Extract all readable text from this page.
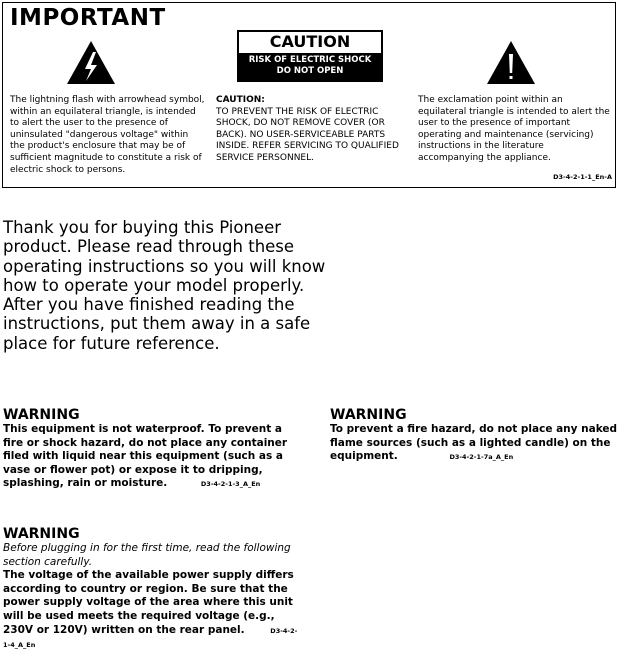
IMPORTANT
CAUTION
RISK OF ELECTRIC SHOCK
DO NOT OPEN
The lightning flash with arrowhead symbol, within an equilateral triangle, is intended to alert the user to the presence of uninsulated "dangerous voltage" within the product's enclosure that may be of sufficient magnitude to constitute a risk of electric shock to persons.
CAUTION:
TO PREVENT THE RISK OF ELECTRIC SHOCK, DO NOT REMOVE COVER (OR BACK). NO USER-SERVICEABLE PARTS INSIDE. REFER SERVICING TO QUALIFIED SERVICE PERSONNEL.
The exclamation point within an equilateral triangle is intended to alert the user to the presence of important operating and maintenance (servicing) instructions in the literature accompanying the appliance.
D3-4-2-1-1_En-A
Thank you for buying this Pioneer product. Please read through these operating instructions so you will know how to operate your model properly. After you have finished reading the instructions, put them away in a safe place for future reference.
WARNING
This equipment is not waterproof. To prevent a fire or shock hazard, do not place any container filed with liquid near this equipment (such as a vase or flower pot) or expose it to dripping, splashing, rain or moisture.	D3-4-2-1-3_A_En
WARNING
To prevent a fire hazard, do not place any naked flame sources (such as a lighted candle) on the equipment.	D3-4-2-1-7a_A_En
WARNING
Before plugging in for the first time, read the following section carefully.
The voltage of the available power supply differs according to country or region. Be sure that the power supply voltage of the area where this unit will be used meets the required voltage (e.g., 230V or 120V) written on the rear panel.	D3-4-2-1-4_A_En
